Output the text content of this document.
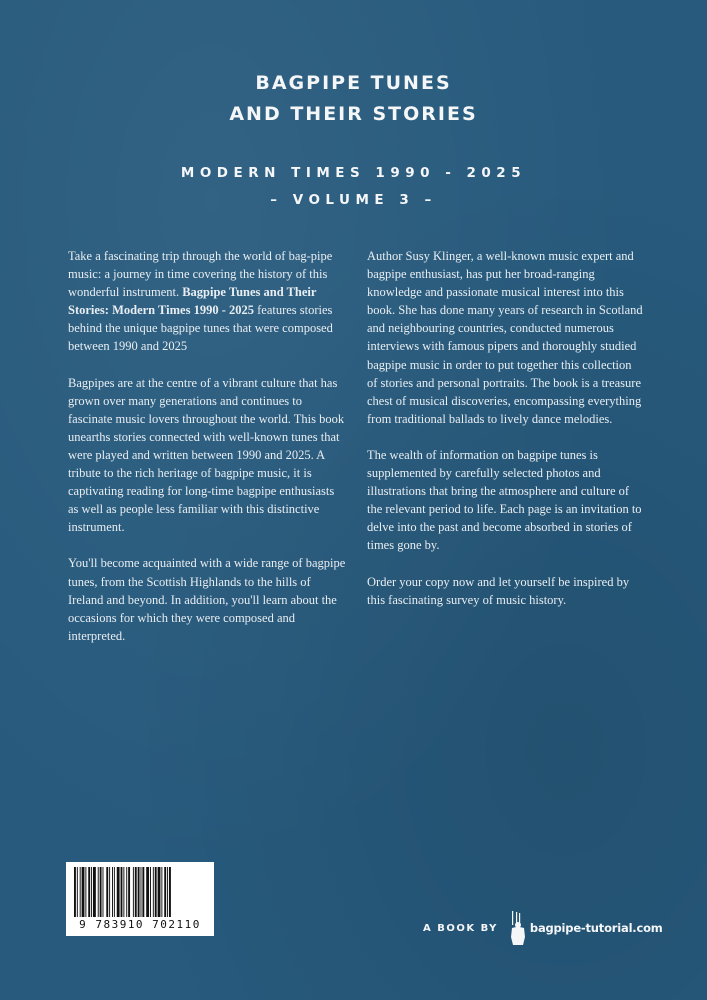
BAGPIPE TUNES
AND THEIR STORIES
MODERN TIMES 1990 - 2025
– VOLUME 3 –

Take a fascinating trip through the world of bag-pipe music: a journey in time covering the history of this wonderful instrument. Bagpipe Tunes and Their Stories: Modern Times 1990 - 2025 features stories behind the unique bagpipe tunes that were composed between 1990 and 2025

Bagpipes are at the centre of a vibrant culture that has grown over many generations and continues to fascinate music lovers throughout the world. This book unearths stories connected with well-known tunes that were played and written between 1990 and 2025. A tribute to the rich heritage of bagpipe music, it is captivating reading for long-time bagpipe enthusiasts as well as people less familiar with this distinctive instrument.

You'll become acquainted with a wide range of bagpipe tunes, from the Scottish Highlands to the hills of Ireland and beyond. In addition, you'll learn about the occasions for which they were composed and interpreted.

Author Susy Klinger, a well-known music expert and bagpipe enthusiast, has put her broad-ranging knowledge and passionate musical interest into this book. She has done many years of research in Scotland and neighbouring countries, conducted numerous interviews with famous pipers and thoroughly studied bagpipe music in order to put together this collection of stories and personal portraits. The book is a treasure chest of musical discoveries, encompassing everything from traditional ballads to lively dance melodies.

The wealth of information on bagpipe tunes is supplemented by carefully selected photos and illustrations that bring the atmosphere and culture of the relevant period to life. Each page is an invitation to delve into the past and become absorbed in stories of times gone by.

Order your copy now and let yourself be inspired by this fascinating survey of music history.

9 783910 702110	A BOOK BY	bagpipe-tutorial.com
